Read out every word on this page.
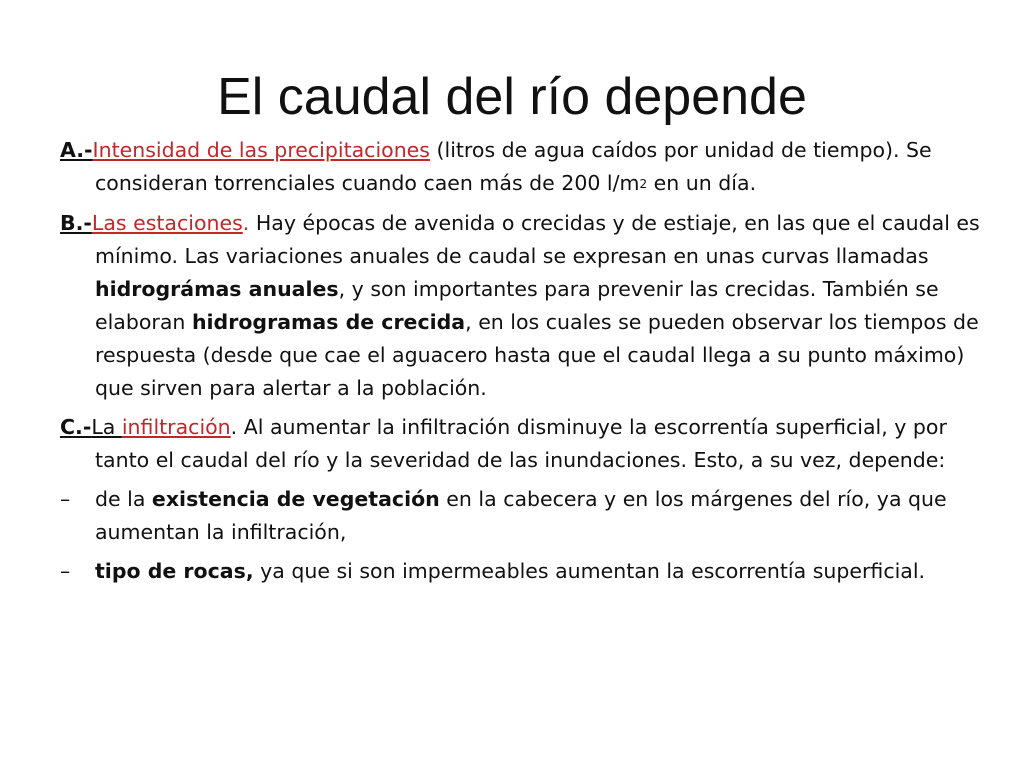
El caudal del río depende

A.-Intensidad de las precipitaciones (litros de agua caídos por unidad de tiempo). Se consideran torrenciales cuando caen más de 200 $l/m^2$ en un día.

B.-Las estaciones. Hay épocas de avenida o crecidas y de estiaje, en las que el caudal es mínimo. Las variaciones anuales de caudal se expresan en unas curvas llamadas hidrográmas anuales, y son importantes para prevenir las crecidas. También se elaboran hidrogramas de crecida, en los cuales se pueden observar los tiempos de respuesta (desde que cae el aguacero hasta que el caudal llega a su punto máximo) que sirven para alertar a la población.

C.-La infiltración. Al aumentar la infiltración disminuye la escorrentía superficial, y por tanto el caudal del río y la severidad de las inundaciones. Esto, a su vez, depende:

– de la existencia de vegetación en la cabecera y en los márgenes del río, ya que aumentan la infiltración,

– tipo de rocas, ya que si son impermeables aumentan la escorrentía superficial.
